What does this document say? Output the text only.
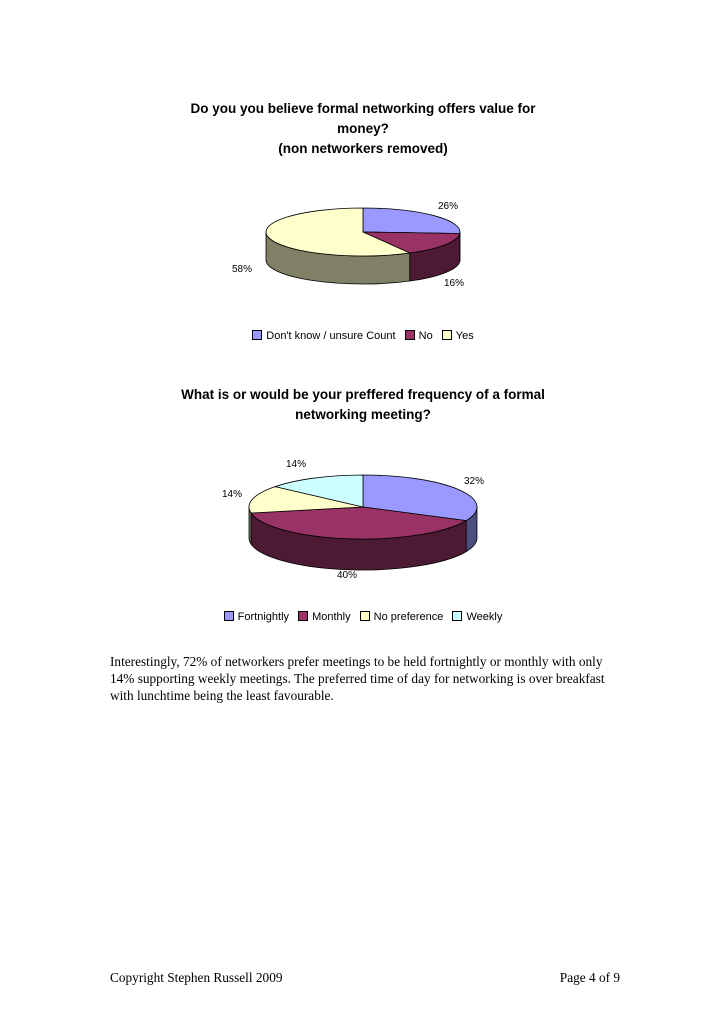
Do you you believe formal networking offers value for
money?
(non networkers removed)
26%
16%
58%
Don't know / unsure Count No Yes
What is or would be your preffered frequency of a formal
networking meeting?
32%
40%
14%
14%
Fortnightly Monthly No preference Weekly
Interestingly, 72% of networkers prefer meetings to be held fortnightly or monthly with only 14% supporting weekly meetings. The preferred time of day for networking is over breakfast with lunchtime being the least favourable.
Copyright Stephen Russell 2009	Page 4 of 9
